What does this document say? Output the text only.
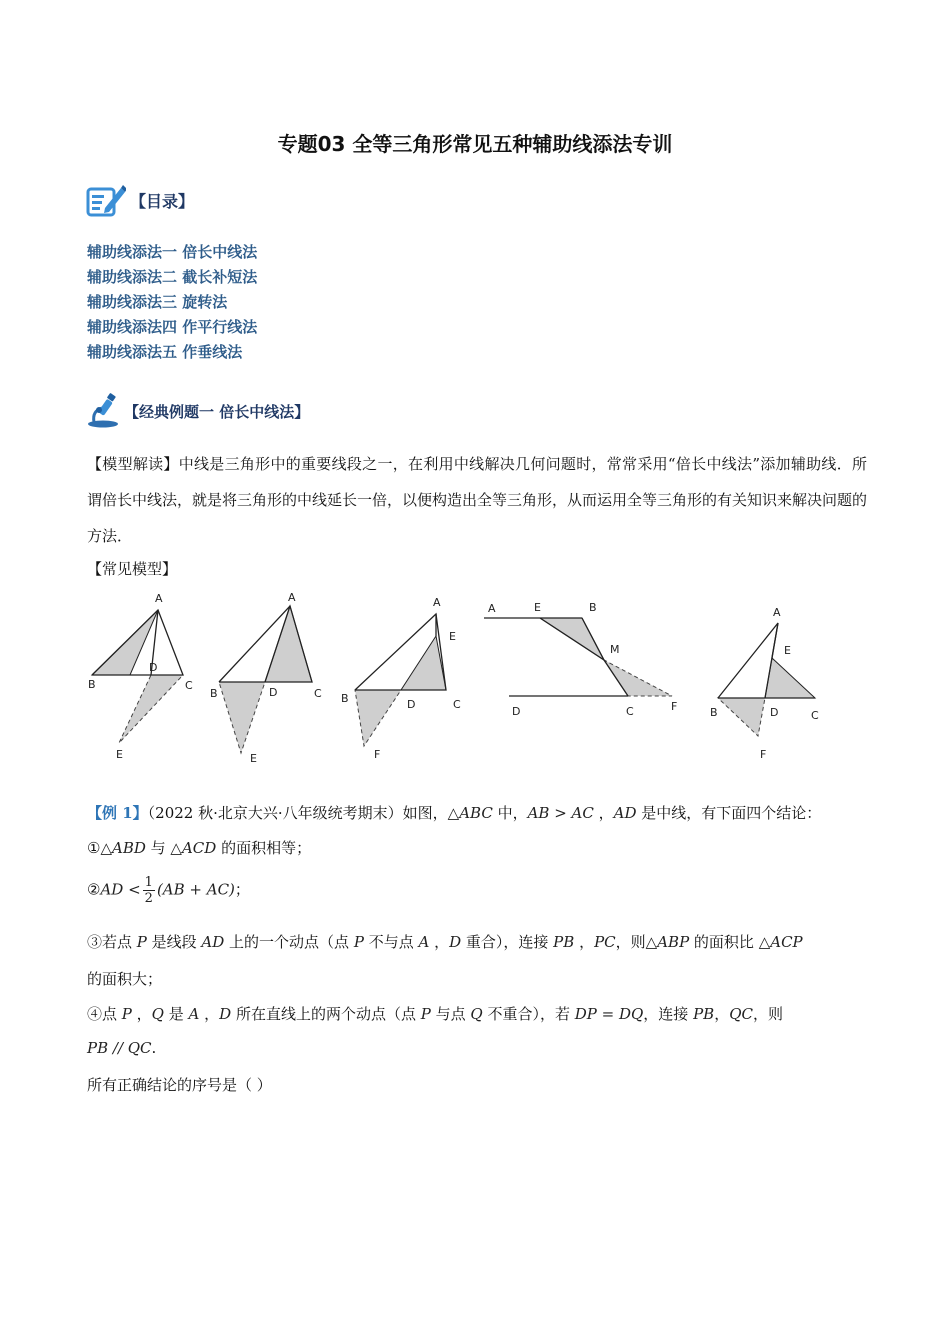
专题03 全等三角形常见五种辅助线添法专训
【目录】
辅助线添法一 倍长中线法
辅助线添法二 截长补短法
辅助线添法三 旋转法
辅助线添法四 作平行线法
辅助线添法五 作垂线法
【经典例题一 倍长中线法】
【模型解读】中线是三角形中的重要线段之一，在利用中线解决几何问题时，常常采用“倍长中线法”添加辅助线．所谓倍长中线法，就是将三角形的中线延长一倍，以便构造出全等三角形，从而运用全等三角形的有关知识来解决问题的方法．
【常见模型】
A
B	C
D
E
A
B	C
D
E
A
B	C
D
E
F
A	E	B
M
D	C	F
A
E
B	D	C
F
【例 1】（2022 秋·北京大兴·八年级统考期末）如图，△ABC 中，AB > AC ，AD 是中线，有下面四个结论：
①△ABD 与 △ACD 的面积相等；
②AD < $\frac{1}{2} (AB + AC)$；
③若点 P 是线段 AD 上的一个动点（点 P 不与点 A ，D 重合），连接 PB ，PC，则△ABP 的面积比 △ACP
的面积大；
④点 P ，Q 是 A ，D 所在直线上的两个动点（点 P 与点 Q 不重合），若 DP = DQ，连接 PB，QC，则
PB // QC.
所有正确结论的序号是（ ）
